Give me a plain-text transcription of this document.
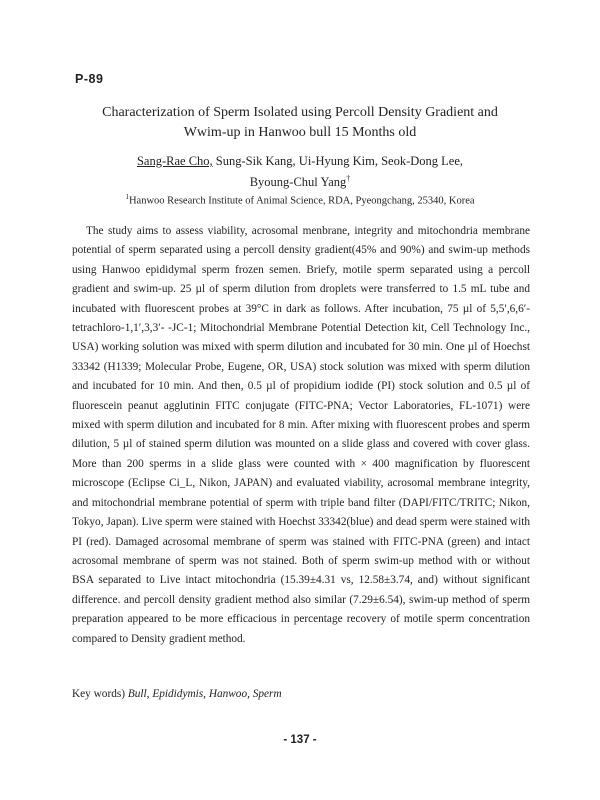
P-89
Characterization of Sperm Isolated using Percoll Density Gradient and
Wwim-up in Hanwoo bull 15 Months old
Sang-Rae Cho, Sung-Sik Kang, Ui-Hyung Kim, Seok-Dong Lee,
Byoung-Chul Yang†
$^1$Hanwoo Research Institute of Animal Science, RDA, Pyeongchang, 25340, Korea

The study aims to assess viability, acrosomal menbrane, integrity and mitochondria membrane potential of sperm separated using a percoll density gradient(45% and 90%) and swim-up methods using Hanwoo epididymal sperm frozen semen. Briefy, motile sperm separated using a percoll gradient and swim-up. 25 µl of sperm dilution from droplets were transferred to 1.5 mL tube and incubated with fluorescent probes at 39°C in dark as follows. After incubation, 75 µl of 5,5′,6,6′-tetrachloro-1,1′,3,3′- -JC-1; Mitochondrial Membrane Potential Detection kit, Cell Technology Inc., USA) working solution was mixed with sperm dilution and incubated for 30 min. One µl of Hoechst 33342 (H1339; Molecular Probe, Eugene, OR, USA) stock solution was mixed with sperm dilution and incubated for 10 min. And then, 0.5 µl of propidium iodide (PI) stock solution and 0.5 µl of fluorescein peanut agglutinin FITC conjugate (FITC-PNA; Vector Laboratories, FL-1071) were mixed with sperm dilution and incubated for 8 min. After mixing with fluorescent probes and sperm dilution, 5 µl of stained sperm dilution was mounted on a slide glass and covered with cover glass. More than 200 sperms in a slide glass were counted with × 400 magnification by fluorescent microscope (Eclipse Ci_L, Nikon, JAPAN) and evaluated viability, acrosomal membrane integrity, and mitochondrial membrane potential of sperm with triple band filter (DAPI/FITC/TRITC; Nikon, Tokyo, Japan). Live sperm were stained with Hoechst 33342(blue) and dead sperm were stained with PI (red). Damaged acrosomal membrane of sperm was stained with FITC-PNA (green) and intact acrosomal membrane of sperm was not stained. Both of sperm swim-up method with or without BSA separated to Live intact mitochondria (15.39±4.31 vs, 12.58±3.74, and) without significant difference. and percoll density gradient method also similar (7.29±6.54), swim-up method of sperm preparation appeared to be more efficacious in percentage recovery of motile sperm concentration compared to Density gradient method.

Key words) Bull, Epididymis, Hanwoo, Sperm
- 137 -
